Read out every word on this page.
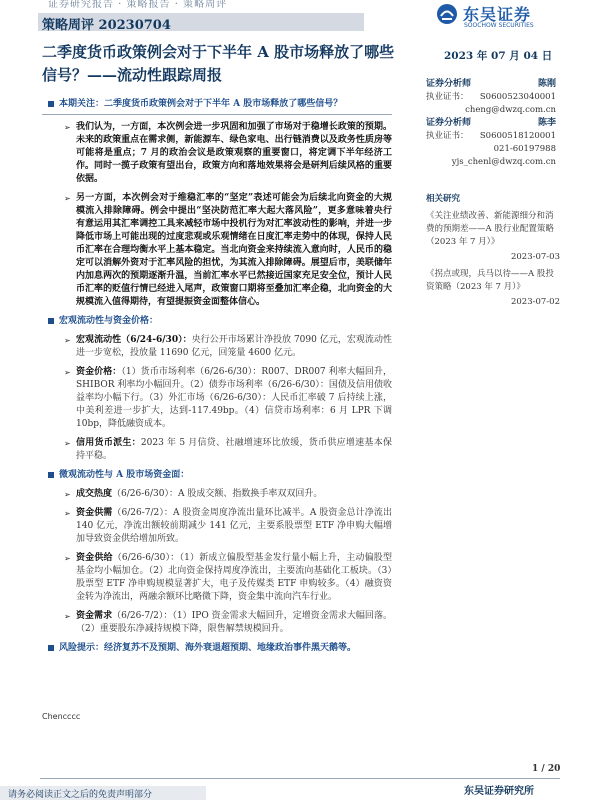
证券研究报告 · 策略报告 · 策略周评
策略周评 20230704
东吴证券
SOOCHOW SECURITIES
二季度货币政策例会对于下半年 A 股市场释放了哪些信号？——流动性跟踪周报
2023 年 07 月 04 日
本期关注：二季度货币政策例会对于下半年 A 股市场释放了哪些信号？
➢ 我们认为，一方面，本次例会进一步巩固和加强了市场对于稳增长政策的预期。未来的政策重点在需求侧，新能源车、绿色家电、出行链消费以及政务性质房等可能将是重点；7 月的政治会议是政策观察的重要窗口，将定调下半年经济工作。同时一揽子政策有望出台，政策方向和落地效果将会是研判后续风格的重要依据。
➢ 另一方面，本次例会对于维稳汇率的“坚定”表述可能会为后续北向资金的大规模流入排除障碍。例会中提出“坚决防范汇率大起大落风险”，更多意味着央行有意运用其汇率调控工具来减轻市场中投机行为对汇率波动性的影响，并进一步降低市场上可能出现的过度悲观或乐观情绪在日度汇率走势中的体现，保持人民币汇率在合理均衡水平上基本稳定。当北向资金来持续流入意向时，人民币的稳定可以消解外资对于汇率风险的担忧，为其流入排除障碍。展望后市，美联储年内加息两次的预期逐渐升温，当前汇率水平已然接近国家充足安全位，预计人民币汇率的贬值行情已经进入尾声，政策窗口期将至叠加汇率企稳，北向资金的大规模流入值得期待，有望提振资金面整体信心。
宏观流动性与资金价格：
➢ 宏观流动性（6/24-6/30）：央行公开市场累计净投放 7090 亿元，宏观流动性进一步宽松，投放量 11690 亿元，回笼量 4600 亿元。
➢ 资金价格：（1）货币市场利率（6/26-6/30）：R007、DR007 利率大幅回升，SHIBOR 利率均小幅回升。（2）债券市场利率（6/26-6/30）：国债及信用债收益率均小幅下行。（3）外汇市场（6/26-6/30）：人民币汇率破 7 后持续上涨，中美利差进一步扩大，达到-117.49bp。（4）信贷市场利率：6 月 LPR 下调 10bp，降低融资成本。
➢ 信用货币派生：2023 年 5 月信贷、社融增速环比放缓，货币供应增速基本保持平稳。
微观流动性与 A 股市场资金面：
➢ 成交热度（6/26-6/30）：A 股成交额、指数换手率双双回升。
➢ 资金供需（6/26-7/2）：A 股资金周度净流出量环比减半。A 股资金总计净流出 140 亿元，净流出额较前期减少 141 亿元，主要系股票型 ETF 净申购大幅增加导致资金供给增加所致。
➢ 资金供给（6/26-6/30）：（1）新成立偏股型基金发行量小幅上升，主动偏股型基金均小幅加仓。（2）北向资金保持周度净流出，主要流向基础化工板块。（3）股票型 ETF 净申购规模显著扩大，电子及传媒类 ETF 申购较多。（4）融资资金转为净流出，两融余额环比略微下降，资金集中流向汽车行业。
➢ 资金需求（6/26-7/2）：（1）IPO 资金需求大幅回升，定增资金需求大幅回落。（2）重要股东净减持规模下降，限售解禁规模回升。
风险提示：经济复苏不及预期、海外衰退超预期、地缘政治事件黑天鹅等。
证券分析师	陈刚
执业证书： S0600523040001
cheng@dwzq.com.cn
证券分析师	陈李
执业证书： S0600518120001
021-60197988
yjs_chenl@dwzq.com.cn
相关研究
《关注业绩改善、新能源细分和消费的预期差——A 股行业配置策略（2023 年 7 月）》
2023-07-03
《拐点或现，兵马以待——A 股投资策略（2023 年 7 月）》
2023-07-02
Chencccc
1 / 20
请务必阅读正文之后的免责声明部分	东吴证券研究所
